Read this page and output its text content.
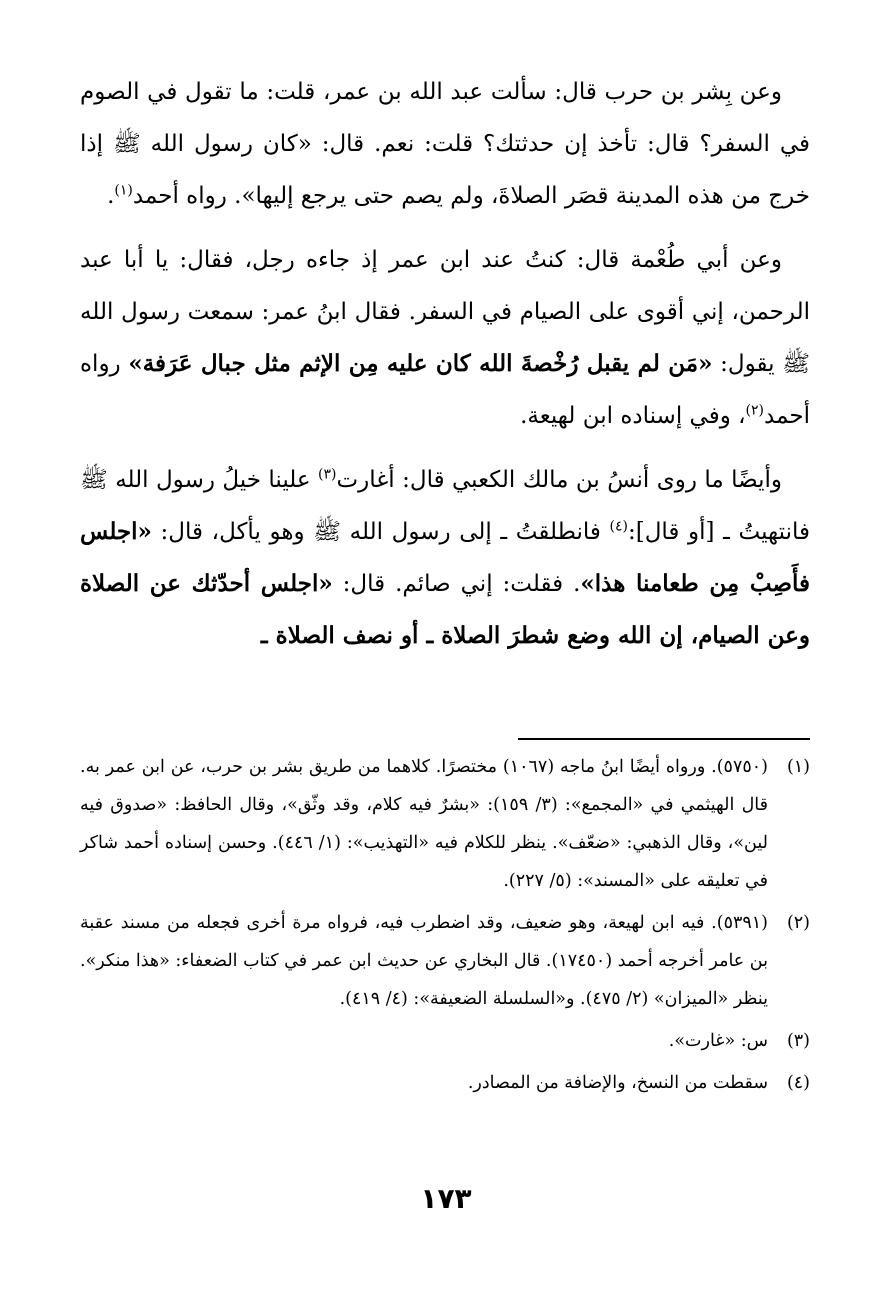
وعن بِشر بن حرب قال: سألت عبد الله بن عمر، قلت: ما تقول في الصوم في السفر؟ قال: تأخذ إن حدثتك؟ قلت: نعم. قال: «كان رسول الله ﷺ إذا خرج من هذه المدينة قصَر الصلاةَ، ولم يصم حتى يرجع إليها». رواه أحمد$^{(١)}$.

وعن أبي طُعْمة قال: كنتُ عند ابن عمر إذ جاءه رجل، فقال: يا أبا عبد الرحمن، إني أقوى على الصيام في السفر. فقال ابنُ عمر: سمعت رسول الله ﷺ يقول: «مَن لم يقبل رُخْصةَ الله كان عليه مِن الإثم مثل جبال عَرَفة» رواه أحمد$^{(٢)}$، وفي إسناده ابن لهيعة.

وأيضًا ما روى أنسُ بن مالك الكعبي قال: أغارت$^{(٣)}$ علينا خيلُ رسول الله ﷺ فانتهيتُ ـ [أو قال]:$^{(٤)}$ فانطلقتُ ـ إلى رسول الله ﷺ وهو يأكل، قال: «اجلس فأَصِبْ مِن طعامنا هذا». فقلت: إني صائم. قال: «اجلس أحدّثك عن الصلاة وعن الصيام، إن الله وضع شطرَ الصلاة ـ أو نصف الصلاة ـ

(١)
(٥٧٥٠). ورواه أيضًا ابنُ ماجه (١٠٦٧) مختصرًا. كلاهما من طريق بشر بن حرب، عن ابن عمر به. قال الهيثمي في «المجمع»: (٣/ ١٥٩): «بشرٌ فيه كلام، وقد وثّق»، وقال الحافظ: «صدوق فيه لين»، وقال الذهبي: «ضعّف». ينظر للكلام فيه «التهذيب»: (١/ ٤٤٦). وحسن إسناده أحمد شاكر في تعليقه على «المسند»: (٥/ ٢٢٧).
(٢)
(٥٣٩١). فيه ابن لهيعة، وهو ضعيف، وقد اضطرب فيه، فرواه مرة أخرى فجعله من مسند عقبة بن عامر أخرجه أحمد (١٧٤٥٠). قال البخاري عن حديث ابن عمر في كتاب الضعفاء: «هذا منكر». ينظر «الميزان» (٢/ ٤٧٥). و«السلسلة الضعيفة»: (٤/ ٤١٩).
(٣)
س: «غارت».
(٤)
سقطت من النسخ، والإضافة من المصادر.
١٧٣
